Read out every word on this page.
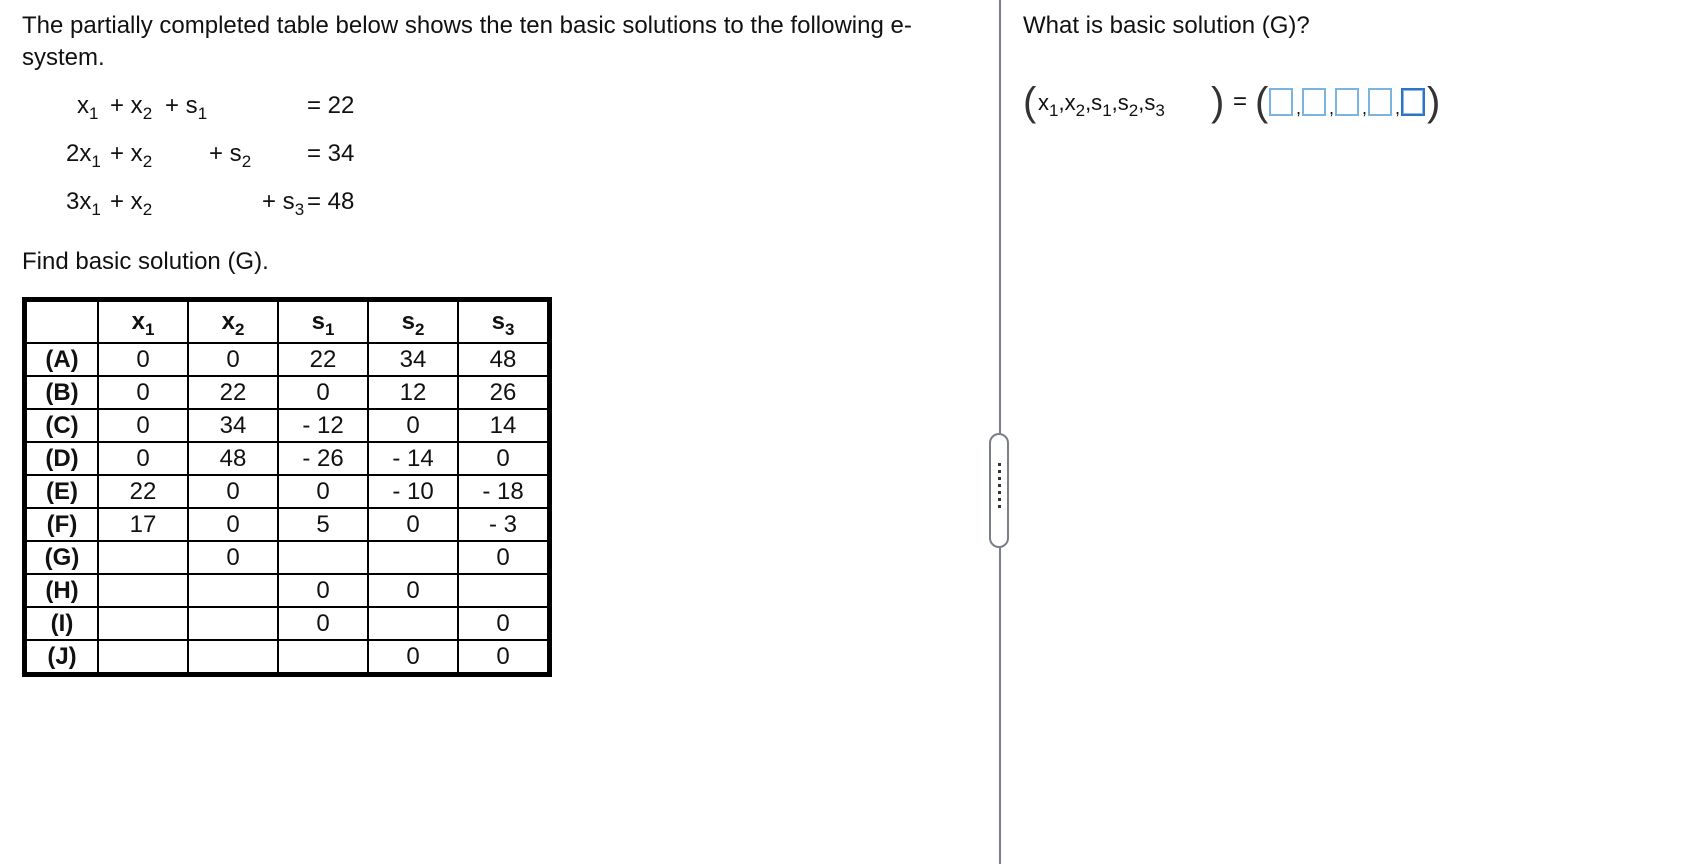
The partially completed table below shows the ten basic solutions to the following e-system.

$x_1 + x_2 + s_1$	= 22
$2x_1 + x_2 + s_2 = 34$
$3x_1 + x_2$	+ $s_3 = 48$
Find basic solution (G).
	$x_1$	$x_2$	$s_1$	$s_2$	$s_3$
(A)	0	0	22	34	48
(B)	0	22	0	12	26
(C)	0	34	- 12	0	14
(D)	0	48	- 26	- 14	0
(E)	22	0	0	- 10	- 18
(F)	17	0	5	0	- 3
(G)		0			0
(H)			0	0	
(I)			0		0
(J)				0	0

What is basic solution (G)?

( $x_1,x_2,s_1,s_2,s_3$ ) = ( , , , , )
